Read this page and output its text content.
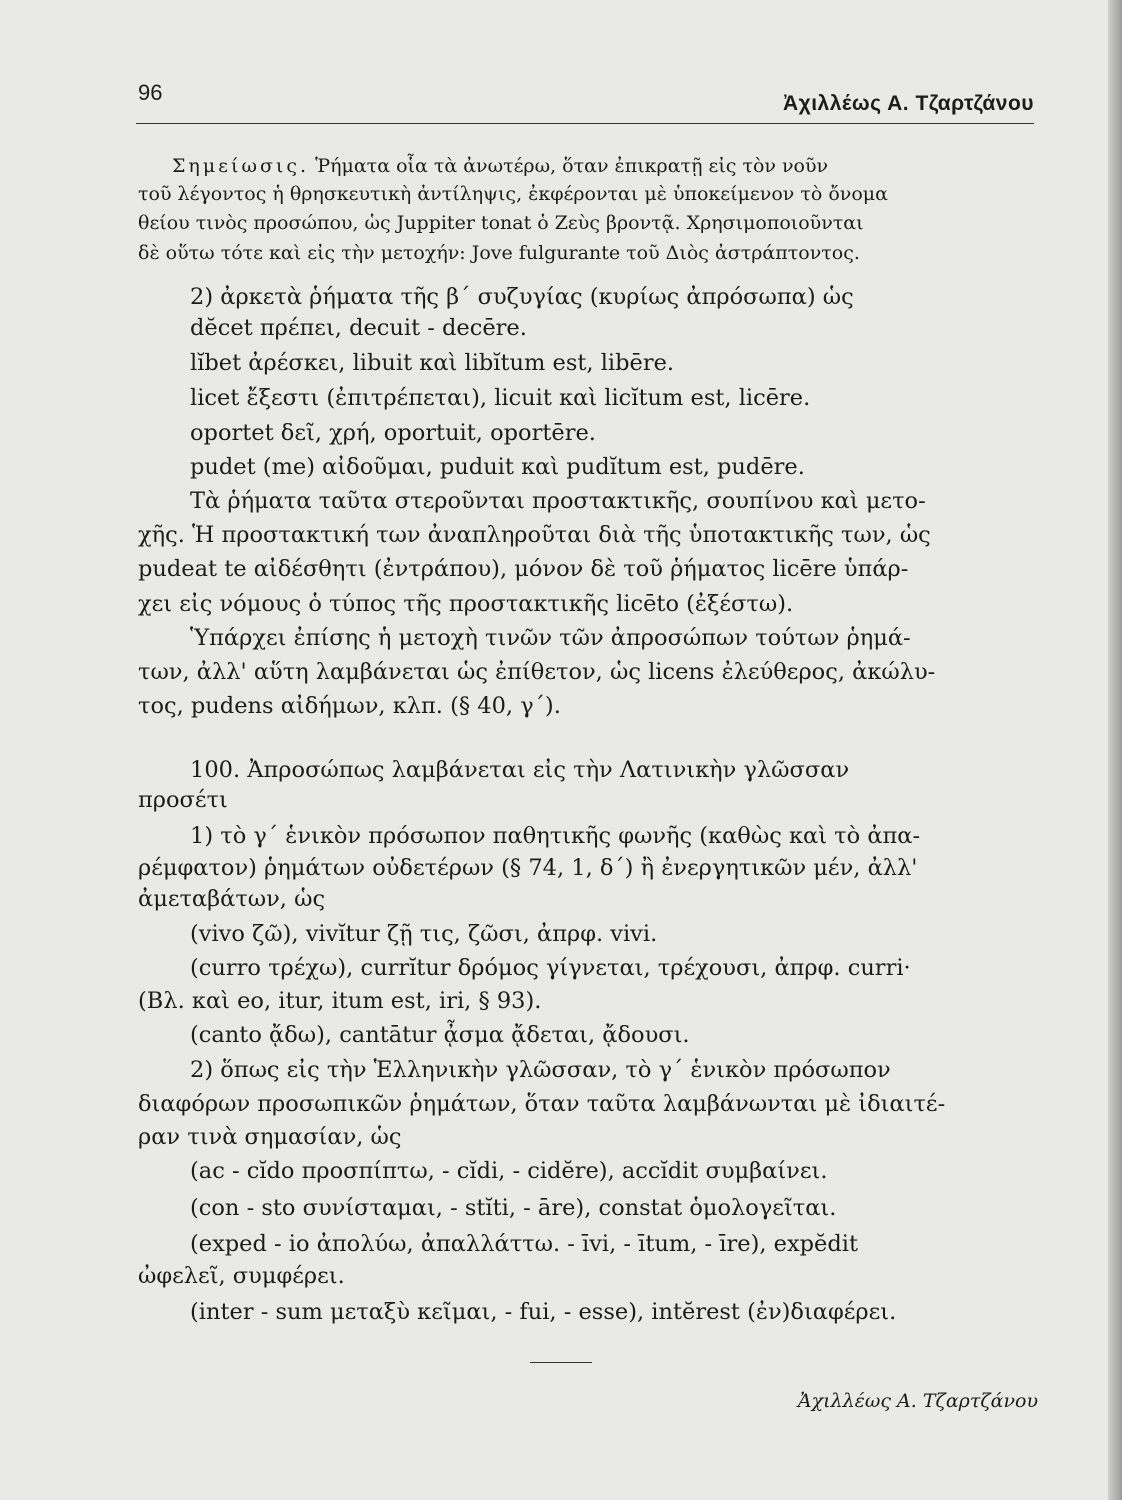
96	Ἀχιλλέως Α. Τζαρτζάνου
Σημείωσις. Ῥήματα οἷα τὰ ἀνωτέρω, ὅταν ἐπικρατῇ εἰς τὸν νοῦν
τοῦ λέγοντος ἡ θρησκευτικὴ ἀντίληψις, ἐκφέρονται μὲ ὑποκείμενον τὸ ὄνομα
θείου τινὸς προσώπου, ὡς Juppiter tonat ὁ Ζεὺς βροντᾷ. Χρησιμοποιοῦνται
δὲ οὕτω τότε καὶ εἰς τὴν μετοχήν: Jove fulgurante τοῦ Διὸς ἀστράπτοντος.
2) ἀρκετὰ ῥήματα τῆς β΄ συζυγίας (κυρίως ἀπρόσωπα) ὡς
dĕcet πρέπει, decuit - decēre.
lĭbet ἀρέσκει, libuit καὶ libĭtum est, libēre.
licet ἔξεστι (ἐπιτρέπεται), licuit καὶ licĭtum est, licēre.
oportet δεῖ, χρή, oportuit, oportēre.
pudet (me) αἰδοῦμαι, puduit καὶ pudĭtum est, pudēre.
Τὰ ῥήματα ταῦτα στεροῦνται προστακτικῆς, σουπίνου καὶ μετο-
χῆς. Ἡ προστακτική των ἀναπληροῦται διὰ τῆς ὑποτακτικῆς των, ὡς
pudeat te αἰδέσθητι (ἐντράπου), μόνον δὲ τοῦ ῥήματος licēre ὑπάρ-
χει εἰς νόμους ὁ τύπος τῆς προστακτικῆς licēto (ἐξέστω).
Ὑπάρχει ἐπίσης ἡ μετοχὴ τινῶν τῶν ἀπροσώπων τούτων ῥημά-
των, ἀλλ' αὕτη λαμβάνεται ὡς ἐπίθετον, ὡς licens ἐλεύθερος, ἀκώλυ-
τος, pudens αἰδήμων, κλπ. (§ 40, γ΄).
100. Ἀπροσώπως λαμβάνεται εἰς τὴν Λατινικὴν γλῶσσαν
προσέτι
1) τὸ γ΄ ἑνικὸν πρόσωπον παθητικῆς φωνῆς (καθὼς καὶ τὸ ἀπα-
ρέμφατον) ῥημάτων οὐδετέρων (§ 74, 1, δ΄) ἢ ἐνεργητικῶν μέν, ἀλλ'
ἀμεταβάτων, ὡς
(vivo ζῶ), vivĭtur ζῇ τις, ζῶσι, ἀπρφ. vivi.
(curro τρέχω), currĭtur δρόμος γίγνεται, τρέχουσι, ἀπρφ. curri·
(Βλ. καὶ eo, itur, itum est, iri, § 93).
(canto ᾄδω), cantātur ᾆσμα ᾄδεται, ᾄδουσι.
2) ὅπως εἰς τὴν Ἑλληνικὴν γλῶσσαν, τὸ γ΄ ἑνικὸν πρόσωπον
διαφόρων προσωπικῶν ῥημάτων, ὅταν ταῦτα λαμβάνωνται μὲ ἰδιαιτέ-
ραν τινὰ σημασίαν, ὡς
(ac - cĭdo προσπίπτω, - cĭdi, - cidĕre), accĭdit συμβαίνει.
(con - sto συνίσταμαι, - stĭti, - āre), constat ὁμολογεῖται.
(exped - io ἀπολύω, ἀπαλλάττω. - īvi, - ītum, - īre), expĕdit
ὠφελεῖ, συμφέρει.
(inter - sum μεταξὺ κεῖμαι, - fui, - esse), intĕrest (ἐν)διαφέρει.
Ἀχιλλέως Α. Τζαρτζάνου
